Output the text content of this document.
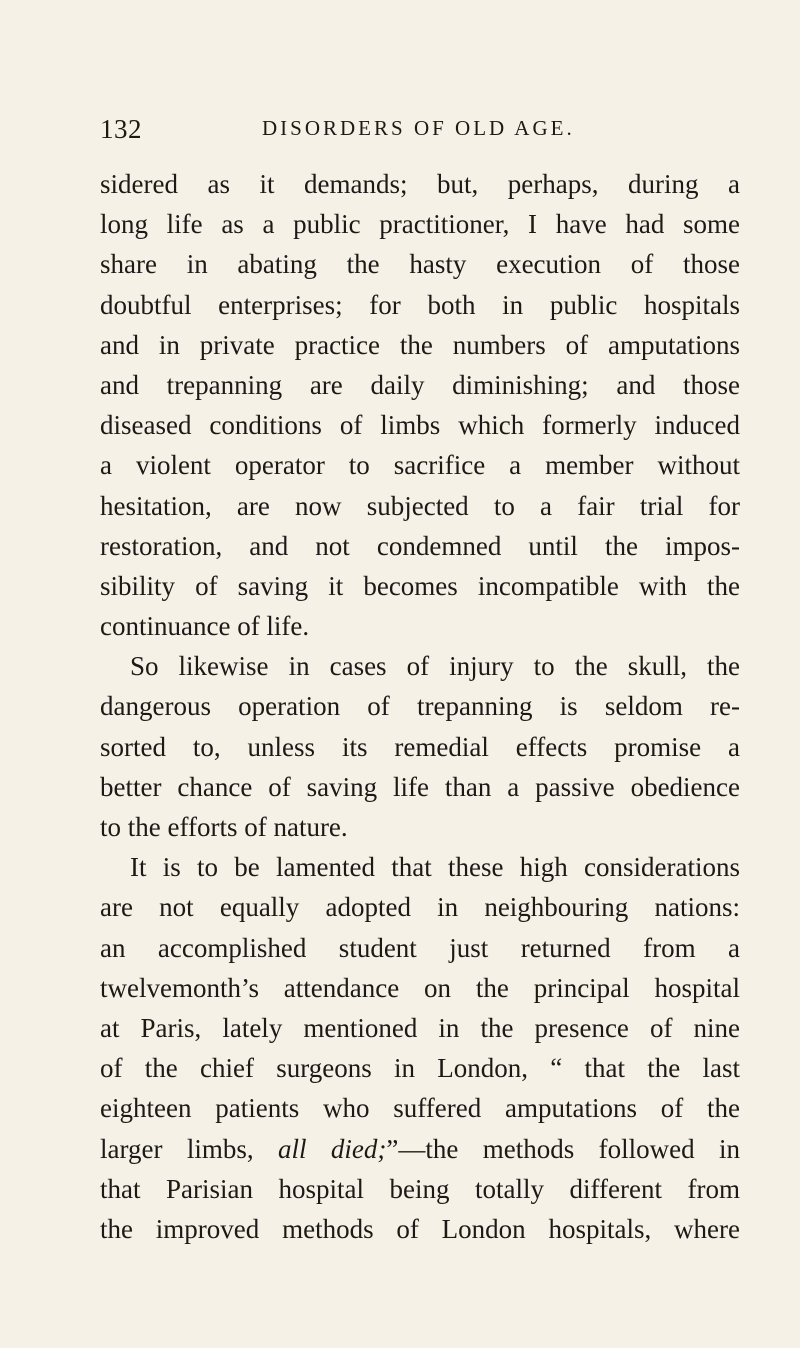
132	DISORDERS OF OLD AGE.
sidered as it demands; but, perhaps, during a
long life as a public practitioner, I have had some
share in abating the hasty execution of those
doubtful enterprises; for both in public hospitals
and in private practice the numbers of amputations
and trepanning are daily diminishing; and those
diseased conditions of limbs which formerly induced
a violent operator to sacrifice a member without
hesitation, are now subjected to a fair trial for
restoration, and not condemned until the impos-
sibility of saving it becomes incompatible with the
continuance of life.
So likewise in cases of injury to the skull, the
dangerous operation of trepanning is seldom re-
sorted to, unless its remedial effects promise a
better chance of saving life than a passive obedience
to the efforts of nature.
It is to be lamented that these high considerations
are not equally adopted in neighbouring nations:
an accomplished student just returned from a
twelvemonth’s attendance on the principal hospital
at Paris, lately mentioned in the presence of nine
of the chief surgeons in London, “ that the last
eighteen patients who suffered amputations of the
larger limbs, all died;”—the methods followed in
that Parisian hospital being totally different from
the improved methods of London hospitals, where
